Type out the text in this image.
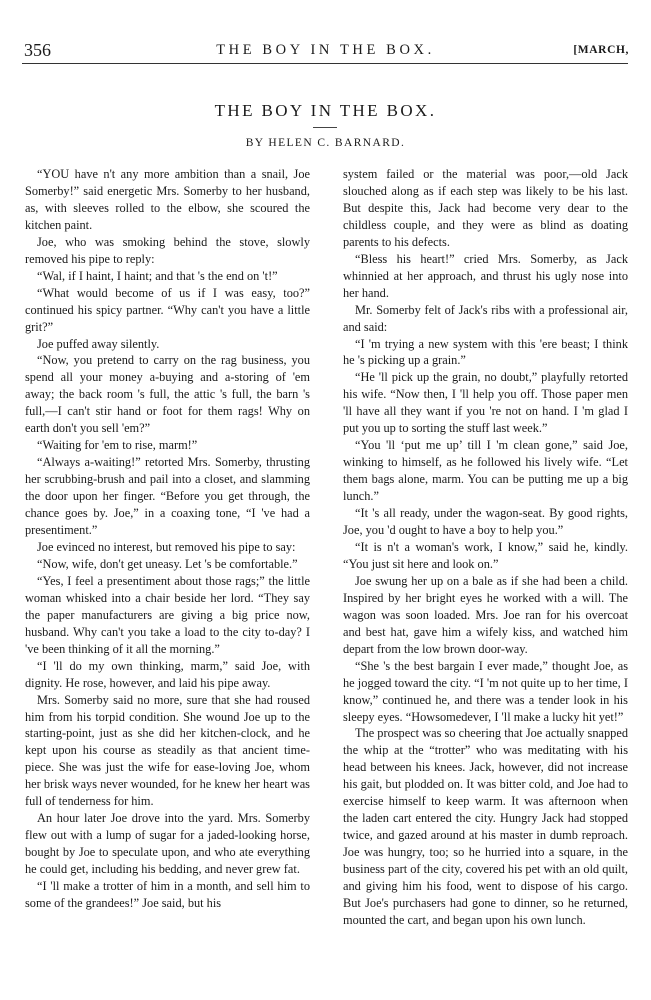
356	THE BOY IN THE BOX.	[MARCH,
THE BOY IN THE BOX.
BY HELEN C. BARNARD.

“YOU have n't any more ambition than a snail, Joe Somerby!” said energetic Mrs. Somerby to her husband, as, with sleeves rolled to the elbow, she scoured the kitchen paint.

Joe, who was smoking behind the stove, slowly removed his pipe to reply:

“Wal, if I haint, I haint; and that 's the end on 't!”

“What would become of us if I was easy, too?” continued his spicy partner. “Why can't you have a little grit?”

Joe puffed away silently.

“Now, you pretend to carry on the rag business, you spend all your money a-buying and a-storing of 'em away; the back room 's full, the attic 's full, the barn 's full,—I can't stir hand or foot for them rags! Why on earth don't you sell 'em?”

“Waiting for 'em to rise, marm!”

“Always a-waiting!” retorted Mrs. Somerby, thrusting her scrubbing-brush and pail into a closet, and slamming the door upon her finger. “Before you get through, the chance goes by. Joe,” in a coaxing tone, “I 've had a presentiment.”

Joe evinced no interest, but removed his pipe to say:

“Now, wife, don't get uneasy. Let 's be comfortable.”

“Yes, I feel a presentiment about those rags;” the little woman whisked into a chair beside her lord. “They say the paper manufacturers are giving a big price now, husband. Why can't you take a load to the city to-day? I 've been thinking of it all the morning.”

“I 'll do my own thinking, marm,” said Joe, with dignity. He rose, however, and laid his pipe away.

Mrs. Somerby said no more, sure that she had roused him from his torpid condition. She wound Joe up to the starting-point, just as she did her kitchen-clock, and he kept upon his course as steadily as that ancient time-piece. She was just the wife for ease-loving Joe, whom her brisk ways never wounded, for he knew her heart was full of tenderness for him.

An hour later Joe drove into the yard. Mrs. Somerby flew out with a lump of sugar for a jaded-looking horse, bought by Joe to speculate upon, and who ate everything he could get, including his bedding, and never grew fat.

“I 'll make a trotter of him in a month, and sell him to some of the grandees!” Joe said, but his

system failed or the material was poor,—old Jack slouched along as if each step was likely to be his last. But despite this, Jack had become very dear to the childless couple, and they were as blind as doating parents to his defects.

“Bless his heart!” cried Mrs. Somerby, as Jack whinnied at her approach, and thrust his ugly nose into her hand.

Mr. Somerby felt of Jack's ribs with a professional air, and said:

“I 'm trying a new system with this 'ere beast; I think he 's picking up a grain.”

“He 'll pick up the grain, no doubt,” playfully retorted his wife. “Now then, I 'll help you off. Those paper men 'll have all they want if you 're not on hand. I 'm glad I put you up to sorting the stuff last week.”

“You 'll ‘put me up’ till I 'm clean gone,” said Joe, winking to himself, as he followed his lively wife. “Let them bags alone, marm. You can be putting me up a big lunch.”

“It 's all ready, under the wagon-seat. By good rights, Joe, you 'd ought to have a boy to help you.”

“It is n't a woman's work, I know,” said he, kindly. “You just sit here and look on.”

Joe swung her up on a bale as if she had been a child. Inspired by her bright eyes he worked with a will. The wagon was soon loaded. Mrs. Joe ran for his overcoat and best hat, gave him a wifely kiss, and watched him depart from the low brown door-way.

“She 's the best bargain I ever made,” thought Joe, as he jogged toward the city. “I 'm not quite up to her time, I know,” continued he, and there was a tender look in his sleepy eyes. “Howsomedever, I 'll make a lucky hit yet!”

The prospect was so cheering that Joe actually snapped the whip at the “trotter” who was meditating with his head between his knees. Jack, however, did not increase his gait, but plodded on. It was bitter cold, and Joe had to exercise himself to keep warm. It was afternoon when the laden cart entered the city. Hungry Jack had stopped twice, and gazed around at his master in dumb reproach. Joe was hungry, too; so he hurried into a square, in the business part of the city, covered his pet with an old quilt, and giving him his food, went to dispose of his cargo. But Joe's purchasers had gone to dinner, so he returned, mounted the cart, and began upon his own lunch.
